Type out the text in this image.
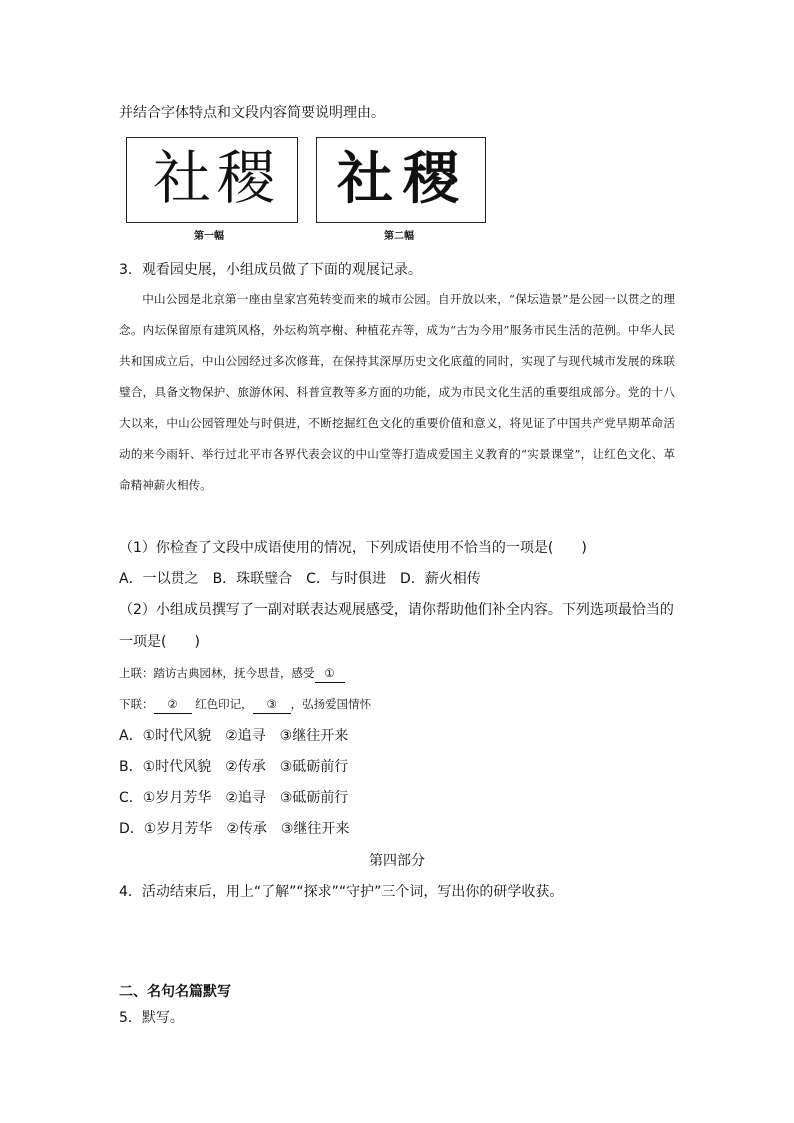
并结合字体特点和文段内容简要说明理由。
社 稷
第一幅
社 稷
第二幅
3．观看园史展，小组成员做了下面的观展记录。
中山公园是北京第一座由皇家宫苑转变而来的城市公园。自开放以来，“保坛造景”是公园一以贯之的理念。内坛保留原有建筑风格，外坛构筑亭榭、种植花卉等，成为“古为今用”服务市民生活的范例。中华人民共和国成立后，中山公园经过多次修葺，在保持其深厚历史文化底蕴的同时，实现了与现代城市发展的珠联璧合，具备文物保护、旅游休闲、科普宣教等多方面的功能，成为市民文化生活的重要组成部分。党的十八大以来，中山公园管理处与时俱进，不断挖掘红色文化的重要价值和意义，将见证了中国共产党早期革命活动的来今雨轩、举行过北平市各界代表会议的中山堂等打造成爱国主义教育的“实景课堂”，让红色文化、革命精神薪火相传。
（1）你检查了文段中成语使用的情况，下列成语使用不恰当的一项是(　　)
A．一以贯之　B．珠联璧合　C．与时俱进　D．薪火相传
（2）小组成员撰写了一副对联表达观展感受，请你帮助他们补全内容。下列选项最恰当的
一项是(　　)
上联：踏访古典园林，抚今思昔，感受 ①
下联： ② 红色印记， ③ ，弘扬爱国情怀
A．①时代风貌　②追寻　③继往开来
B．①时代风貌　②传承　③砥砺前行
C．①岁月芳华　②追寻　③砥砺前行
D．①岁月芳华　②传承　③继往开来
第四部分
4．活动结束后，用上“了解”“探求”“守护”三个词，写出你的研学收获。
二、名句名篇默写
5．默写。
